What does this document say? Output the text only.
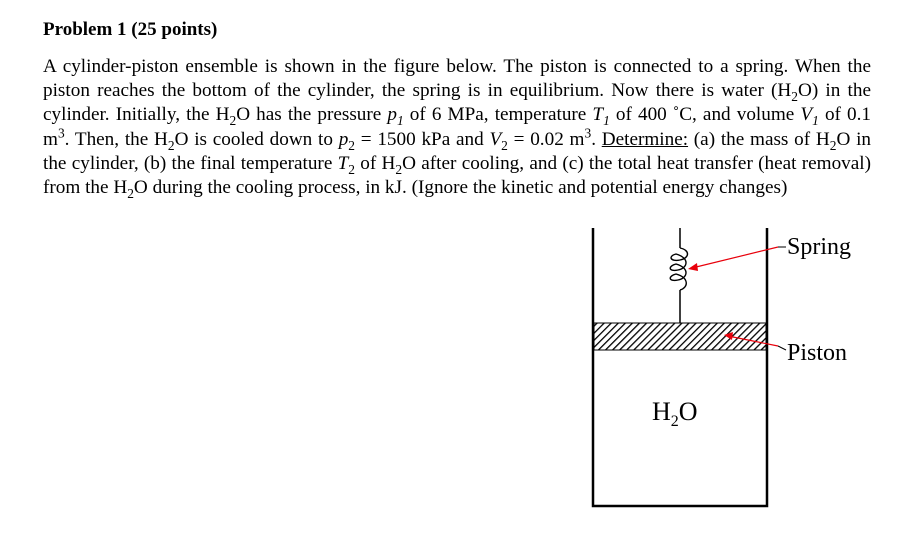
Problem 1 (25 points)
A cylinder-piston ensemble is shown in the figure below. The piston is connected to a spring. When the piston reaches the bottom of the cylinder, the spring is in equilibrium. Now there is water $(H_2O)$ in the cylinder. Initially, the $H_2O$ has the pressure $p_1$ of 6 MPa, temperature $T_1$ of 400 ˚C, and volume $V_1$ of 0.1 $m^3$. Then, the $H_2O$ is cooled down to $p_2 = 1500$ kPa and $V_2 = 0.02$ $m^3$. Determine: (a) the mass of $H_2O$ in the cylinder, (b) the final temperature $T_2$ of $H_2O$ after cooling, and (c) the total heat transfer (heat removal) from the $H_2O$ during the cooling process, in kJ. (Ignore the kinetic and potential energy changes)
Spring
Piston
$H_2O$
